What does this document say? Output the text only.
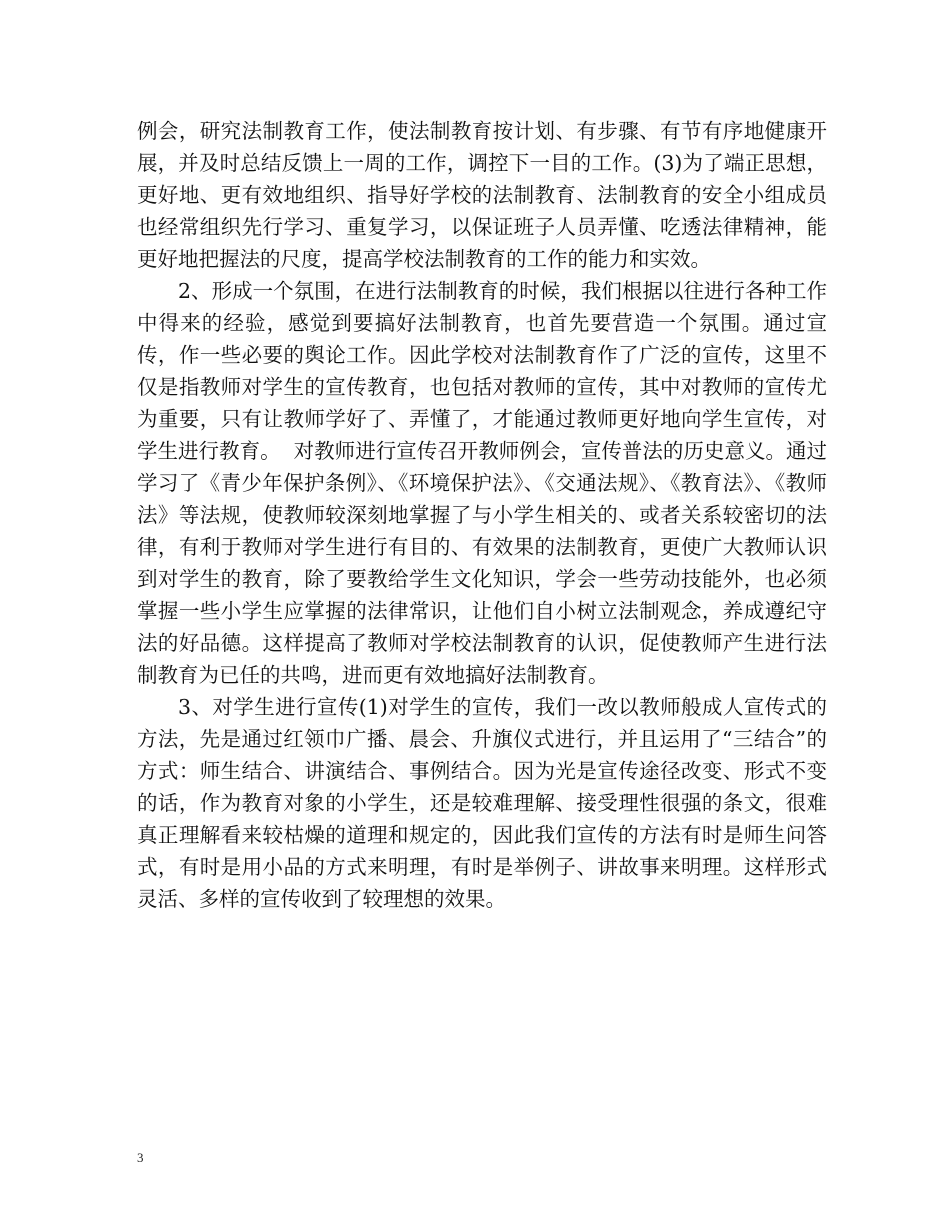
例会，研究法制教育工作，使法制教育按计划、有步骤、有节有序地健康开展，并及时总结反馈上一周的工作，调控下一目的工作。(3)为了端正思想，更好地、更有效地组织、指导好学校的法制教育、法制教育的安全小组成员也经常组织先行学习、重复学习，以保证班子人员弄懂、吃透法律精神，能更好地把握法的尺度，提高学校法制教育的工作的能力和实效。

2、形成一个氛围，在进行法制教育的时候，我们根据以往进行各种工作中得来的经验，感觉到要搞好法制教育，也首先要营造一个氛围。通过宣传，作一些必要的舆论工作。因此学校对法制教育作了广泛的宣传，这里不仅是指教师对学生的宣传教育，也包括对教师的宣传，其中对教师的宣传尤为重要，只有让教师学好了、弄懂了，才能通过教师更好地向学生宣传，对学生进行教育。  对教师进行宣传召开教师例会，宣传普法的历史意义。通过学习了《青少年保护条例》、《环境保护法》、《交通法规》、《教育法》、《教师法》等法规，使教师较深刻地掌握了与小学生相关的、或者关系较密切的法律，有利于教师对学生进行有目的、有效果的法制教育，更使广大教师认识到对学生的教育，除了要教给学生文化知识，学会一些劳动技能外，也必须掌握一些小学生应掌握的法律常识，让他们自小树立法制观念，养成遵纪守法的好品德。这样提高了教师对学校法制教育的认识，促使教师产生进行法制教育为已任的共鸣，进而更有效地搞好法制教育。

3、对学生进行宣传(1)对学生的宣传，我们一改以教师般成人宣传式的方法，先是通过红领巾广播、晨会、升旗仪式进行，并且运用了“三结合”的方式：师生结合、讲演结合、事例结合。因为光是宣传途径改变、形式不变的话，作为教育对象的小学生，还是较难理解、接受理性很强的条文，很难真正理解看来较枯燥的道理和规定的，因此我们宣传的方法有时是师生问答式，有时是用小品的方式来明理，有时是举例子、讲故事来明理。这样形式灵活、多样的宣传收到了较理想的效果。

3
